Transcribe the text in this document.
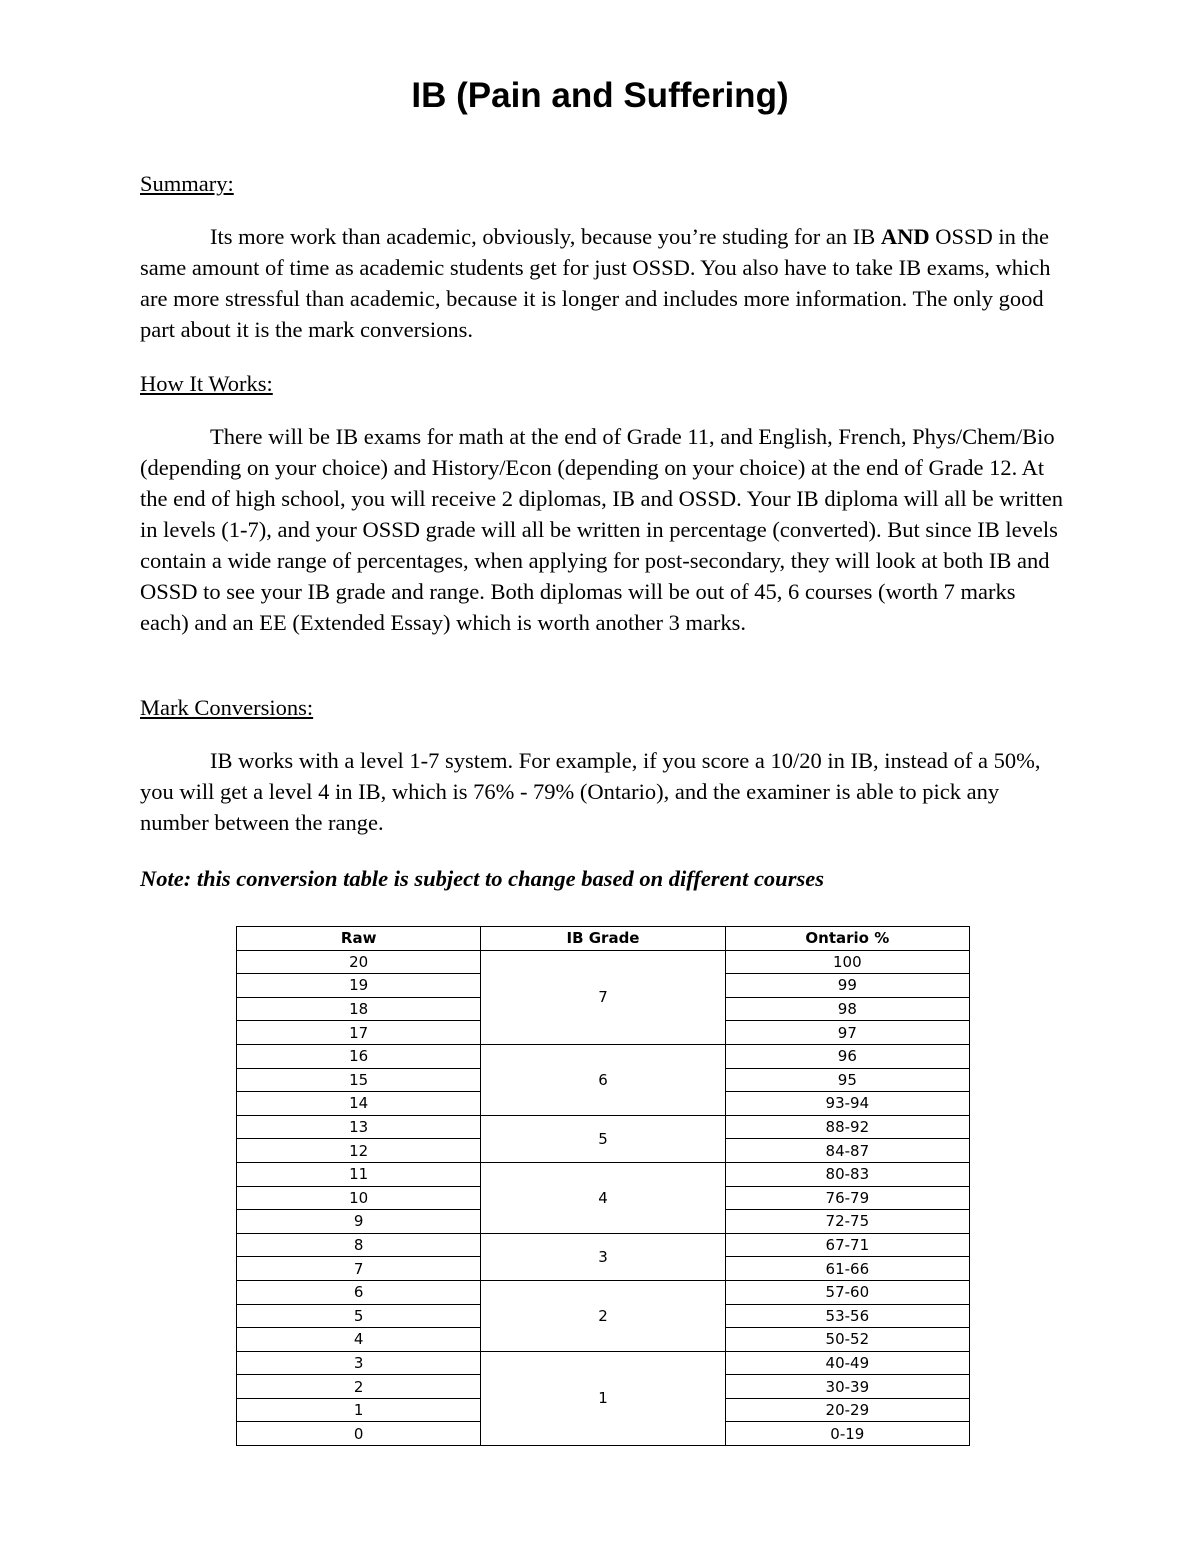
IB (Pain and Suffering)
Summary:

Its more work than academic, obviously, because you’re studing for an IB AND OSSD in the same amount of time as academic students get for just OSSD. You also have to take IB exams, which are more stressful than academic, because it is longer and includes more information. The only good part about it is the mark conversions.

How It Works:

There will be IB exams for math at the end of Grade 11, and English, French, Phys/Chem/Bio (depending on your choice) and History/Econ (depending on your choice) at the end of Grade 12. At the end of high school, you will receive 2 diplomas, IB and OSSD. Your IB diploma will all be written in levels (1-7), and your OSSD grade will all be written in percentage (converted). But since IB levels contain a wide range of percentages, when applying for post-secondary, they will look at both IB and OSSD to see your IB grade and range. Both diplomas will be out of 45, 6 courses (worth 7 marks each) and an EE (Extended Essay) which is worth another 3 marks.

Mark Conversions:

IB works with a level 1-7 system. For example, if you score a 10/20 in IB, instead of a 50%, you will get a level 4 in IB, which is 76% - 79% (Ontario), and the examiner is able to pick any number between the range.

Note: this conversion table is subject to change based on different courses
Raw	IB Grade	Ontario %
20	7	100
19		99
18		98
17		97
16	6	96
15		95
14		93-94
13	5	88-92
12		84-87
11	4	80-83
10		76-79
9		72-75
8	3	67-71
7		61-66
6	2	57-60
5		53-56
4		50-52
3	1	40-49
2		30-39
1		20-29
0		0-19
